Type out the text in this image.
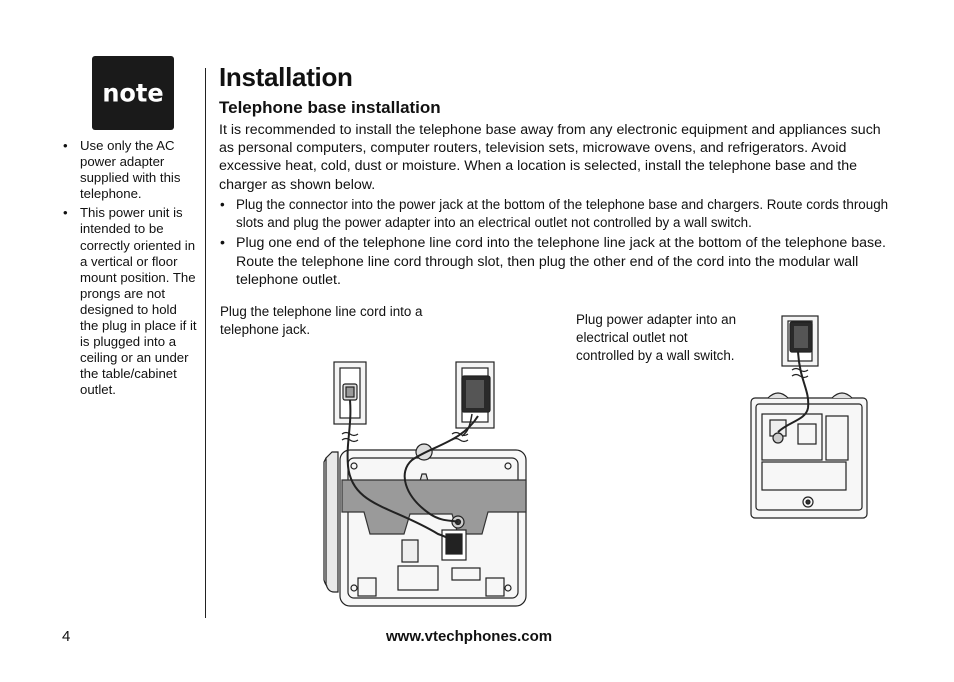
note
• Use only the AC power adapter supplied with this telephone.
• This power unit is intended to be correctly oriented in a vertical or floor mount position. The prongs are not designed to hold the plug in place if it is plugged into a ceiling or an under the table/cabinet outlet.
Installation
Telephone base installation

It is recommended to install the telephone base away from any electronic equipment and appliances such as personal computers, computer routers, television sets, microwave ovens, and refrigerators. Avoid excessive heat, cold, dust or moisture. When a location is selected, install the telephone base and the charger as shown below.

• Plug the connector into the power jack at the bottom of the telephone base and chargers. Route cords through slots and plug the power adapter into an electrical outlet not controlled by a wall switch.
• Plug one end of the telephone line cord into the telephone line jack at the bottom of the telephone base. Route the telephone line cord through slot, then plug the other end of the cord into the modular wall telephone outlet.
Plug the telephone line cord into a telephone jack.
Plug power adapter into an electrical outlet not controlled by a wall switch.
4	www.vtechphones.com
